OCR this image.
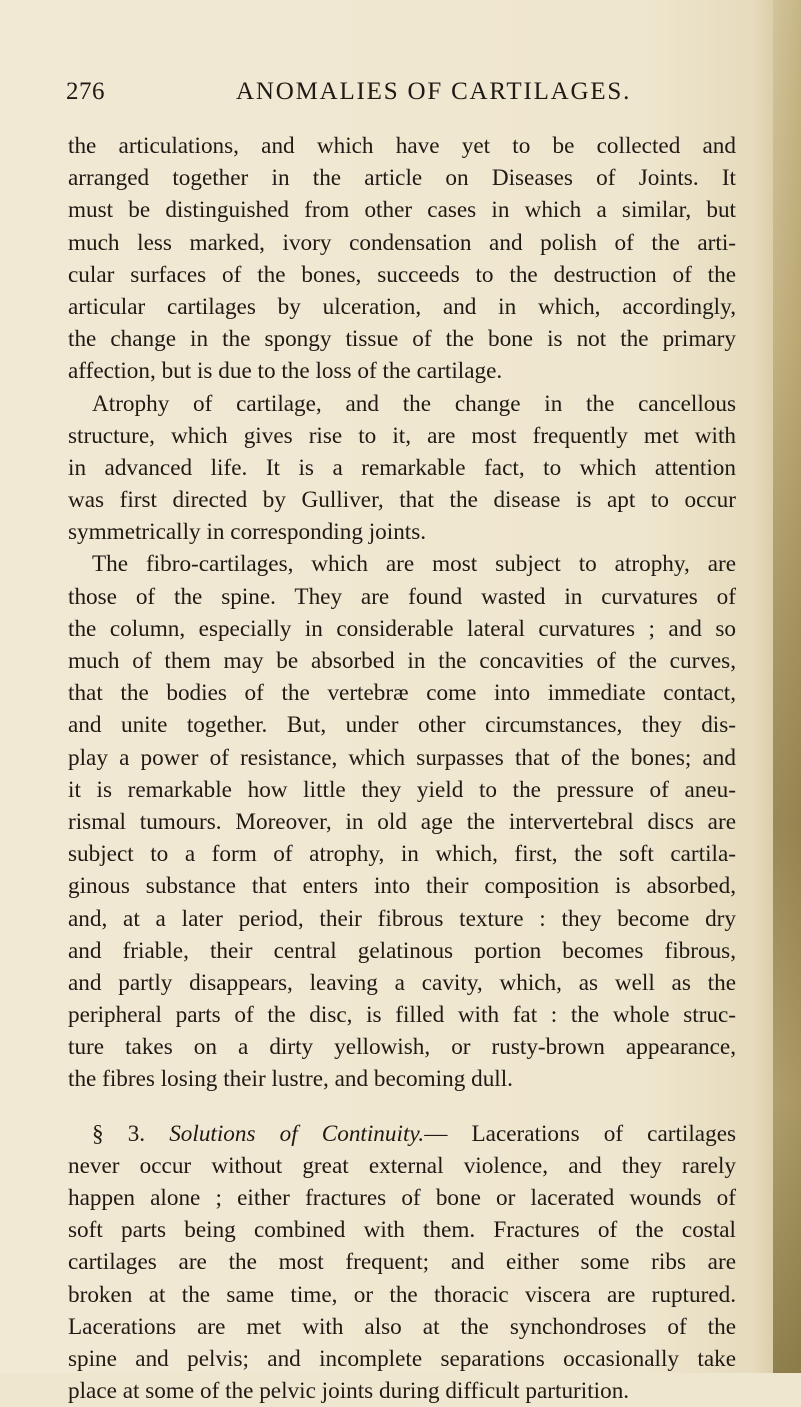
276	ANOMALIES OF CARTILAGES.
the articulations, and which have yet to be collected and
arranged together in the article on Diseases of Joints. It
must be distinguished from other cases in which a similar, but
much less marked, ivory condensation and polish of the arti-
cular surfaces of the bones, succeeds to the destruction of the
articular cartilages by ulceration, and in which, accordingly,
the change in the spongy tissue of the bone is not the primary
affection, but is due to the loss of the cartilage.
Atrophy of cartilage, and the change in the cancellous
structure, which gives rise to it, are most frequently met with
in advanced life. It is a remarkable fact, to which attention
was first directed by Gulliver, that the disease is apt to occur
symmetrically in corresponding joints.
The fibro-cartilages, which are most subject to atrophy, are
those of the spine. They are found wasted in curvatures of
the column, especially in considerable lateral curvatures ; and so
much of them may be absorbed in the concavities of the curves,
that the bodies of the vertebræ come into immediate contact,
and unite together. But, under other circumstances, they dis-
play a power of resistance, which surpasses that of the bones; and
it is remarkable how little they yield to the pressure of aneu-
rismal tumours. Moreover, in old age the intervertebral discs are
subject to a form of atrophy, in which, first, the soft cartila-
ginous substance that enters into their composition is absorbed,
and, at a later period, their fibrous texture : they become dry
and friable, their central gelatinous portion becomes fibrous,
and partly disappears, leaving a cavity, which, as well as the
peripheral parts of the disc, is filled with fat : the whole struc-
ture takes on a dirty yellowish, or rusty-brown appearance,
the fibres losing their lustre, and becoming dull.
§ 3. Solutions of Continuity.— Lacerations of cartilages
never occur without great external violence, and they rarely
happen alone ; either fractures of bone or lacerated wounds of
soft parts being combined with them. Fractures of the costal
cartilages are the most frequent; and either some ribs are
broken at the same time, or the thoracic viscera are ruptured.
Lacerations are met with also at the synchondroses of the
spine and pelvis; and incomplete separations occasionally take
place at some of the pelvic joints during difficult parturition.
